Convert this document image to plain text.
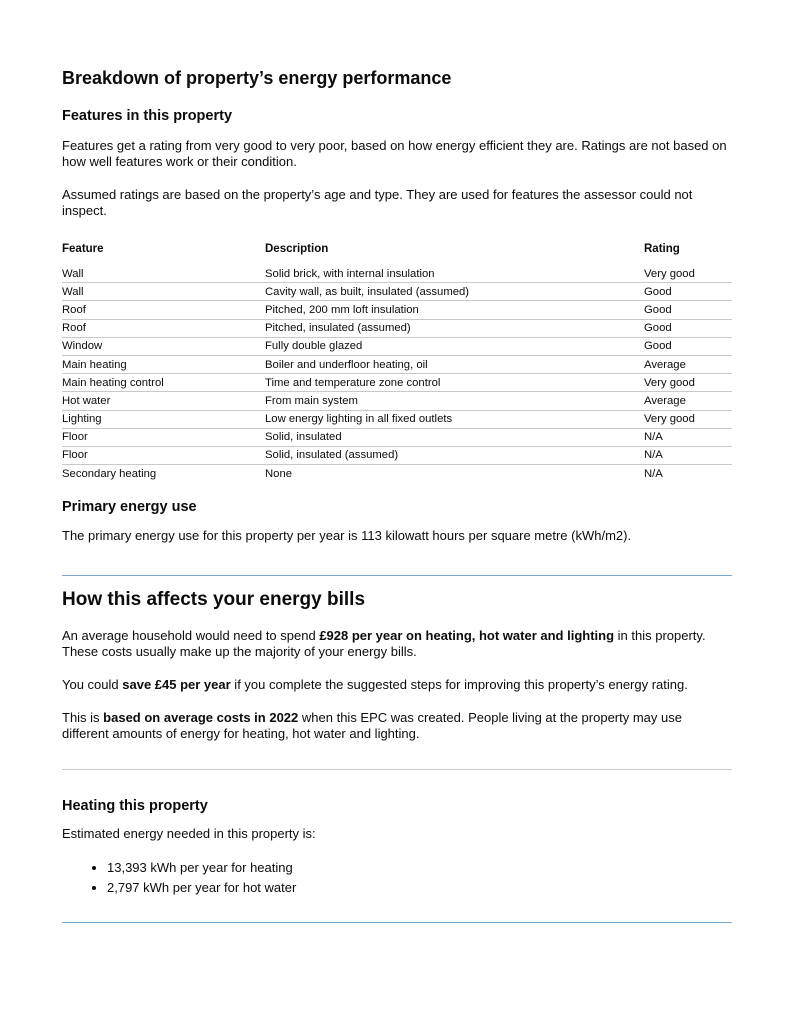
Breakdown of property’s energy performance
Features in this property

Features get a rating from very good to very poor, based on how energy efficient they are. Ratings are not based on how well features work or their condition.

Assumed ratings are based on the property’s age and type. They are used for features the assessor could not inspect.

Feature	Description	Rating
Wall	Solid brick, with internal insulation	Very good
Wall	Cavity wall, as built, insulated (assumed)	Good
Roof	Pitched, 200 mm loft insulation	Good
Roof	Pitched, insulated (assumed)	Good
Window	Fully double glazed	Good
Main heating	Boiler and underfloor heating, oil	Average
Main heating control	Time and temperature zone control	Very good
Hot water	From main system	Average
Lighting	Low energy lighting in all fixed outlets	Very good
Floor	Solid, insulated	N/A
Floor	Solid, insulated (assumed)	N/A
Secondary heating	None	N/A
Primary energy use

The primary energy use for this property per year is 113 kilowatt hours per square metre (kWh/m2).

How this affects your energy bills

An average household would need to spend £928 per year on heating, hot water and lighting in this property. These costs usually make up the majority of your energy bills.

You could save £45 per year if you complete the suggested steps for improving this property’s energy rating.

This is based on average costs in 2022 when this EPC was created. People living at the property may use different amounts of energy for heating, hot water and lighting.

Heating this property

Estimated energy needed in this property is:

• 13,393 kWh per year for heating
• 2,797 kWh per year for hot water
